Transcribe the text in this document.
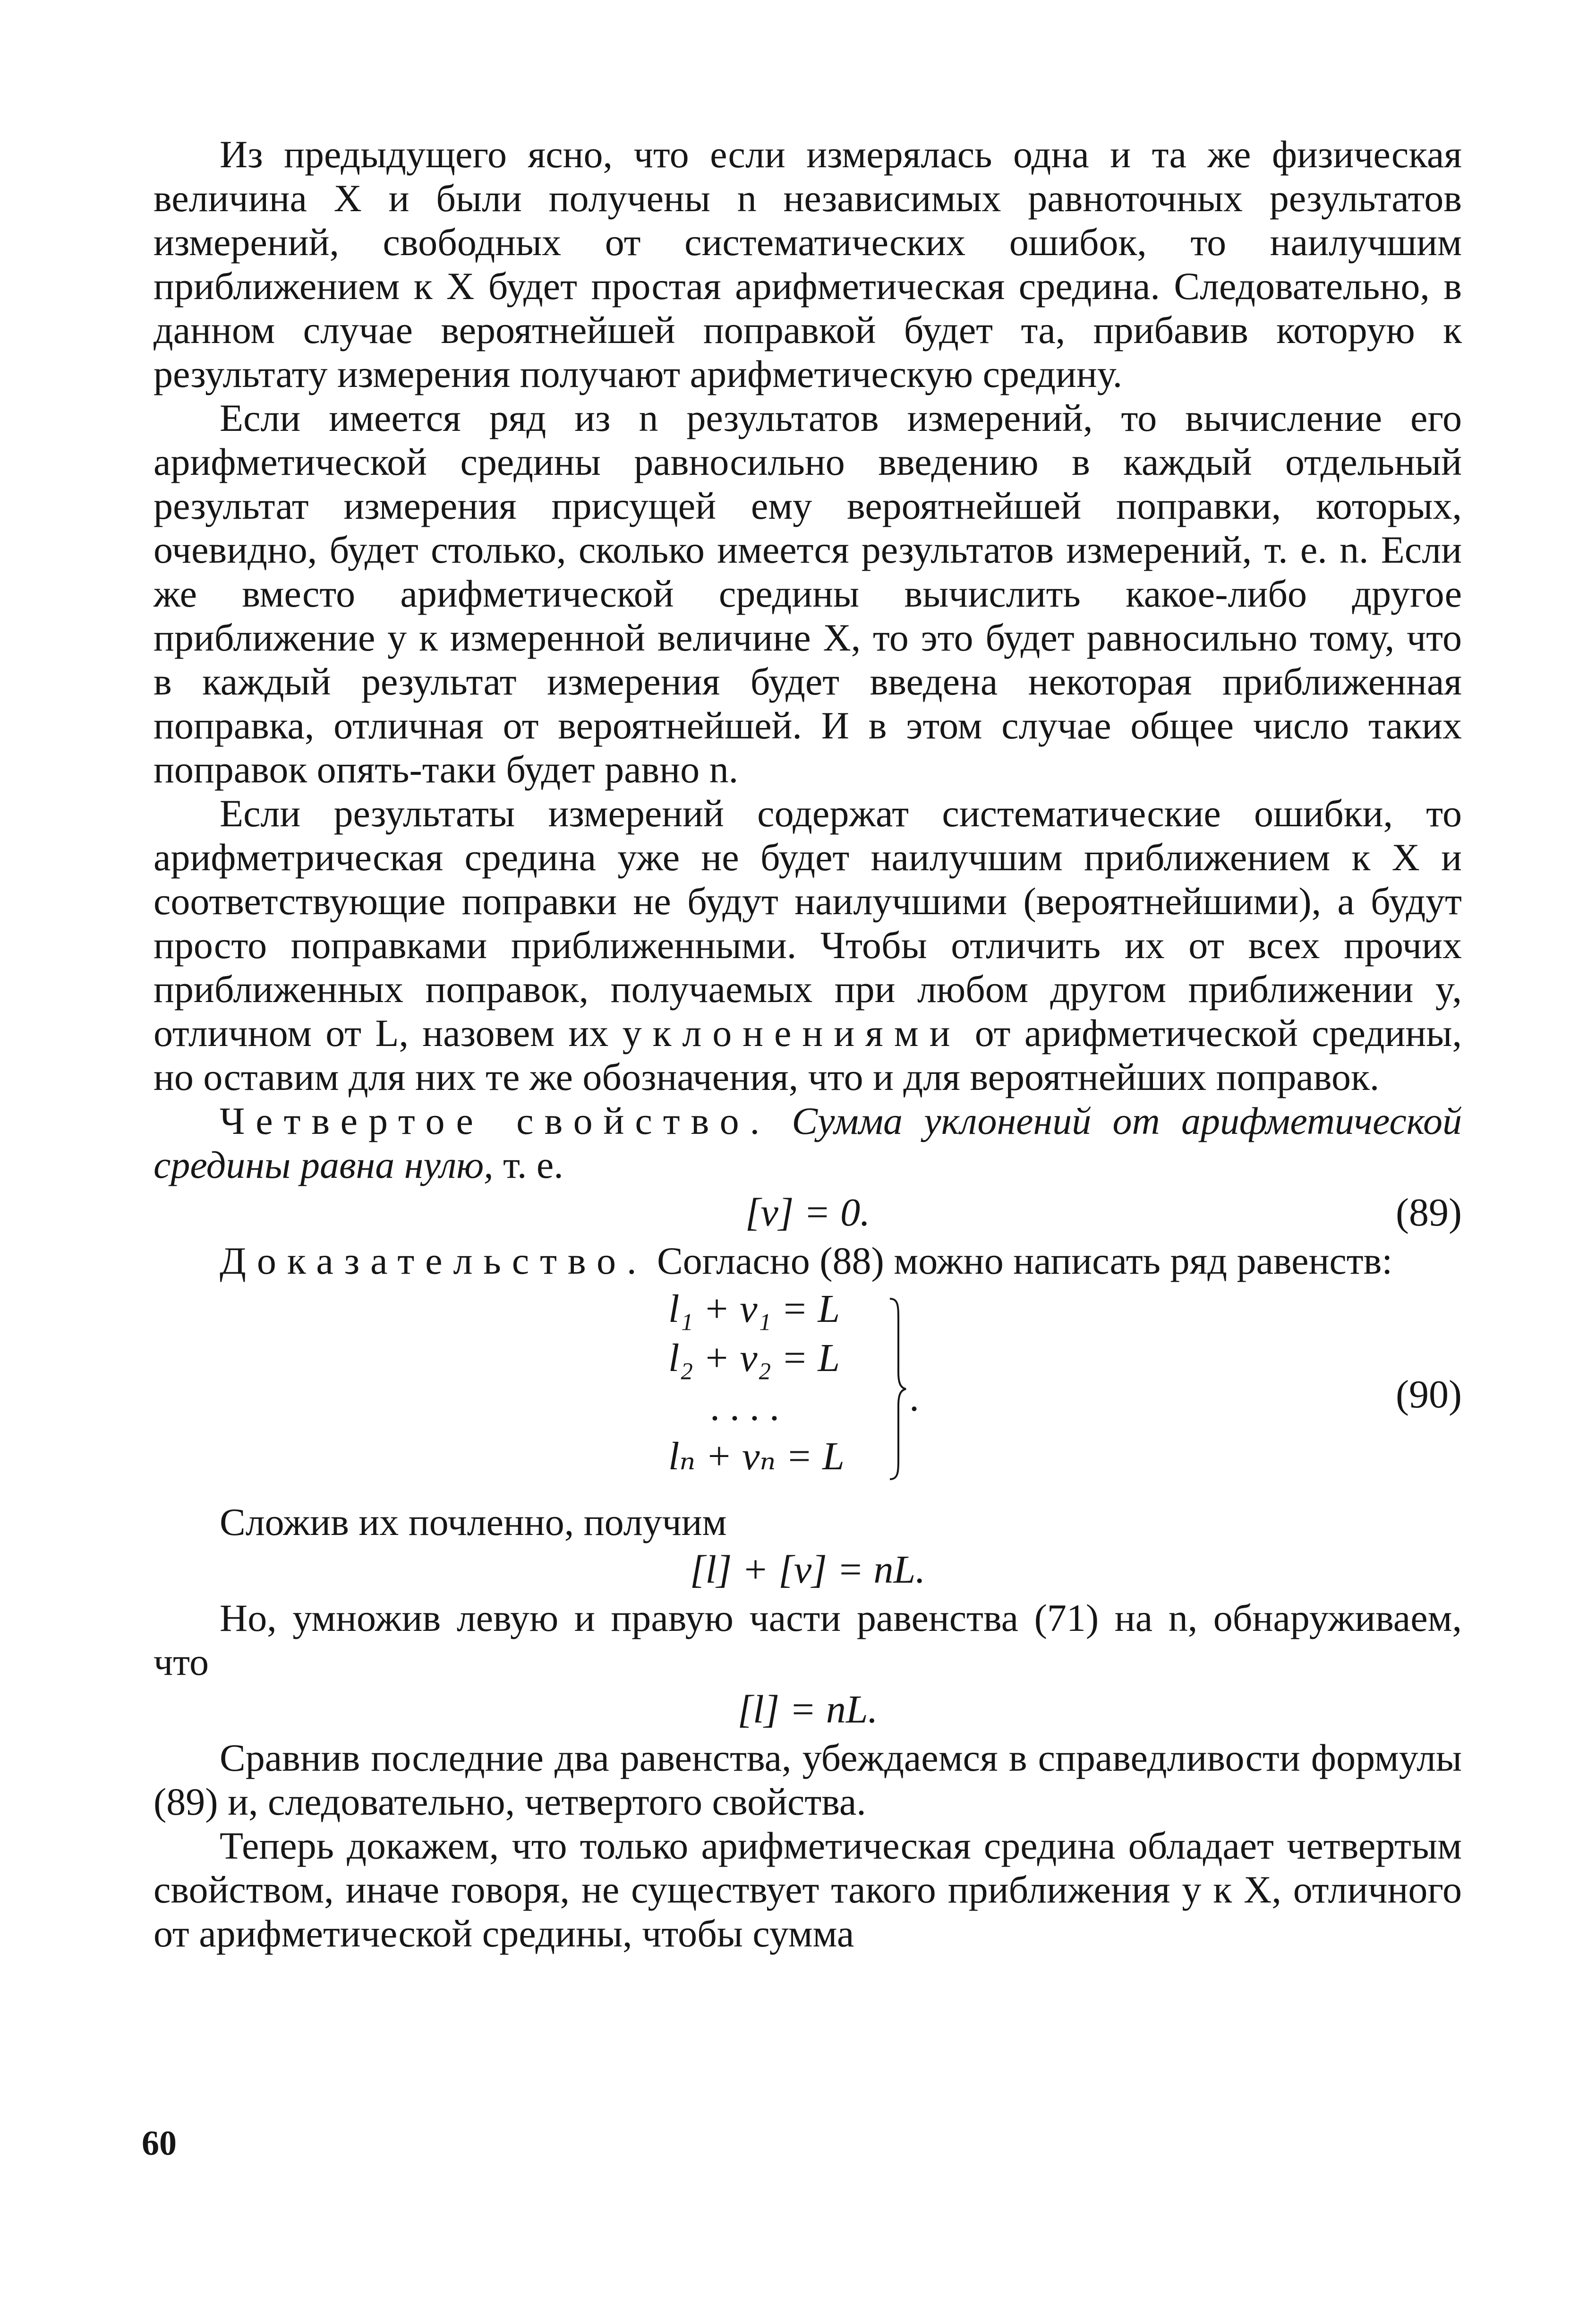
Из предыдущего ясно, что если измерялась одна и та же физическая величина X и были получены n независимых равноточных результатов измерений, свободных от систематических ошибок, то наилучшим приближением к X будет простая арифметическая средина. Следовательно, в данном случае вероятнейшей поправкой будет та, прибавив которую к результату измерения получают арифметическую средину.

Если имеется ряд из n результатов измерений, то вычисление его арифметической средины равносильно введению в каждый отдельный результат измерения присущей ему вероятнейшей поправки, которых, очевидно, будет столько, сколько имеется результатов измерений, т. е. n. Если же вместо арифметической средины вычислить какое-либо другое приближение y к измеренной величине X, то это будет равносильно тому, что в каждый результат измерения будет введена некоторая приближенная поправка, отличная от вероятнейшей. И в этом случае общее число таких поправок опять-таки будет равно n.

Если результаты измерений содержат систематические ошибки, то арифметрическая средина уже не будет наилучшим приближением к X и соответствующие поправки не будут наилучшими (вероятнейшими), а будут просто поправками приближенными. Чтобы отличить их от всех прочих приближенных поправок, получаемых при любом другом приближении y, отличном от L, назовем их уклонениями от арифметической средины, но оставим для них те же обозначения, что и для вероятнейших поправок.

Четвертое свойство. Сумма уклонений от арифметической средины равна нулю, т. е.

[v] = 0.	(89)

Доказательство. Согласно (88) можно написать ряд равенств:

l₁ + v₁ = L
l₂ + v₂ = L
. . . .
lₙ + vₙ = L
.	(90)

Сложив их почленно, получим

[l] + [v] = nL.

Но, умножив левую и правую части равенства (71) на n, обнаруживаем, что

[l] = nL.

Сравнив последние два равенства, убеждаемся в справедливости формулы (89) и, следовательно, четвертого свойства.

Теперь докажем, что только арифметическая средина обладает четвертым свойством, иначе говоря, не существует такого приближения y к X, отличного от арифметической средины, чтобы сумма

60
